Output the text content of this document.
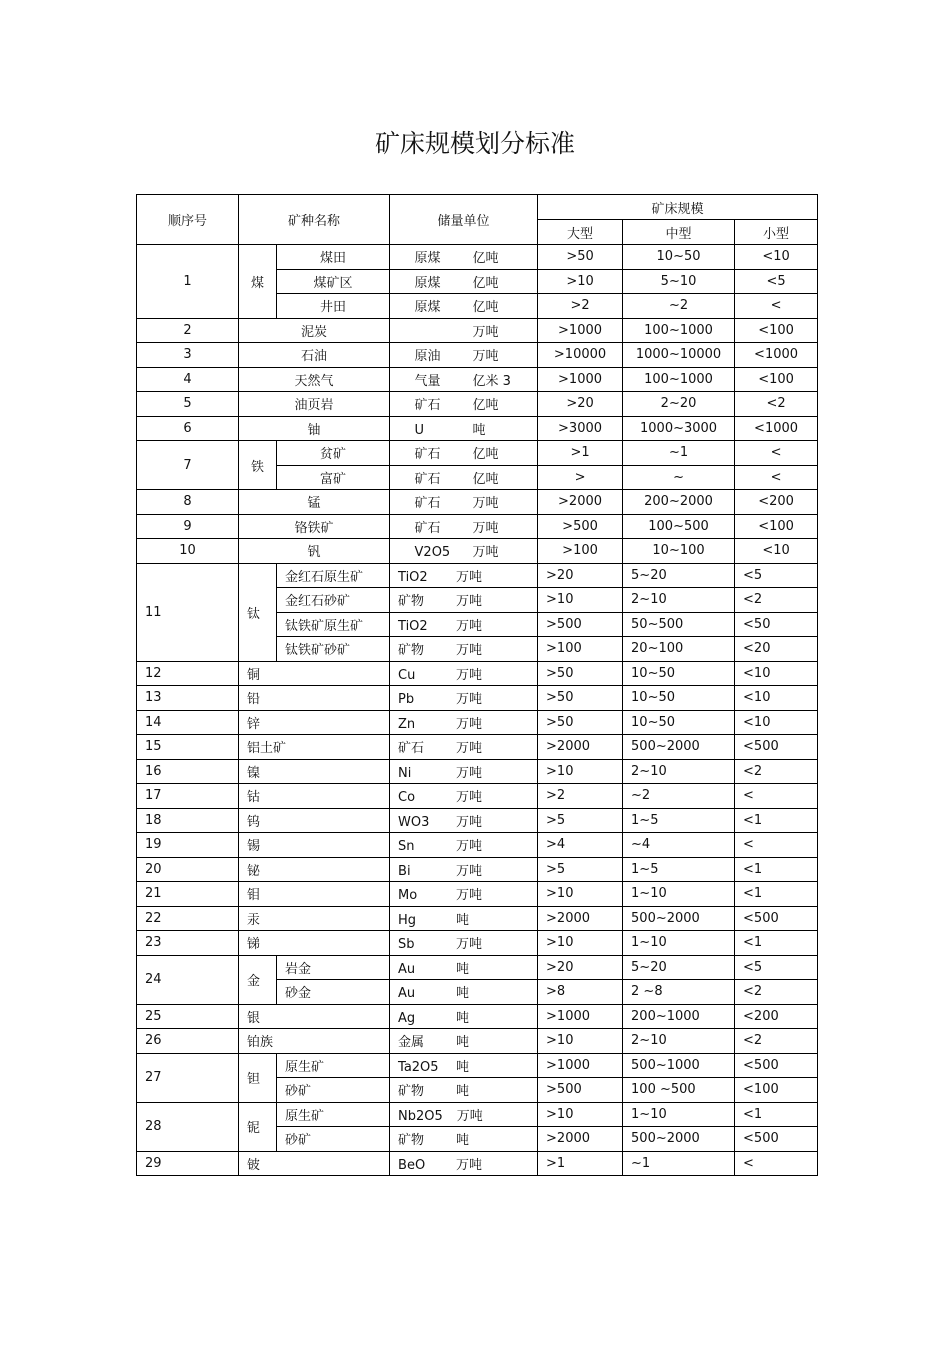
矿床规模划分标准
顺序号	矿种名称		储量单位	矿床规模		
				大型	中型	小型
1	煤	煤田	原煤 亿吨	>50	10~50	<10
		煤矿区	原煤 亿吨	>10	5~10	<5
		井田	原煤 亿吨	>2	~2	<
2	泥炭		万吨	>1000	100~1000	<100
3	石油		原油 万吨	>10000	1000~10000	<1000
4	天然气		气量 亿米 3	>1000	100~1000	<100
5	油页岩		矿石 亿吨	>20	2~20	<2
6	铀		U 吨	>3000	1000~3000	<1000
7	铁	贫矿	矿石 亿吨	>1	~1	<
		富矿	矿石 亿吨	>	~	<
8	锰		矿石 万吨	>2000	200~2000	<200
9	铬铁矿		矿石 万吨	>500	100~500	<100
10	钒		V2O5 万吨	>100	10~100	<10
11	钛	金红石原生矿	TiO2 万吨	>20	5~20	<5
		金红石砂矿	矿物 万吨	>10	2~10	<2
		钛铁矿原生矿	TiO2 万吨	>500	50~500	<50
		钛铁矿砂矿	矿物 万吨	>100	20~100	<20
12	铜		Cu 万吨	>50	10~50	<10
13	铅		Pb 万吨	>50	10~50	<10
14	锌		Zn 万吨	>50	10~50	<10
15	铝土矿		矿石 万吨	>2000	500~2000	<500
16	镍		Ni 万吨	>10	2~10	<2
17	钴		Co 万吨	>2	~2	<
18	钨		WO3 万吨	>5	1~5	<1
19	锡		Sn 万吨	>4	~4	<
20	铋		Bi 万吨	>5	1~5	<1
21	钼		Mo 万吨	>10	1~10	<1
22	汞		Hg 吨	>2000	500~2000	<500
23	锑		Sb 万吨	>10	1~10	<1
24	金	岩金	Au 吨	>20	5~20	<5
		砂金	Au 吨	>8	2 ~8	<2
25	银		Ag 吨	>1000	200~1000	<200
26	铂族		金属 吨	>10	2~10	<2
27	钽	原生矿	Ta2O5 吨	>1000	500~1000	<500
		砂矿	矿物 吨	>500	100 ~500	<100
28	铌	原生矿	Nb2O5 万吨	>10	1~10	<1
		砂矿	矿物 吨	>2000	500~2000	<500
29	铍		BeO 万吨	>1	~1	<
